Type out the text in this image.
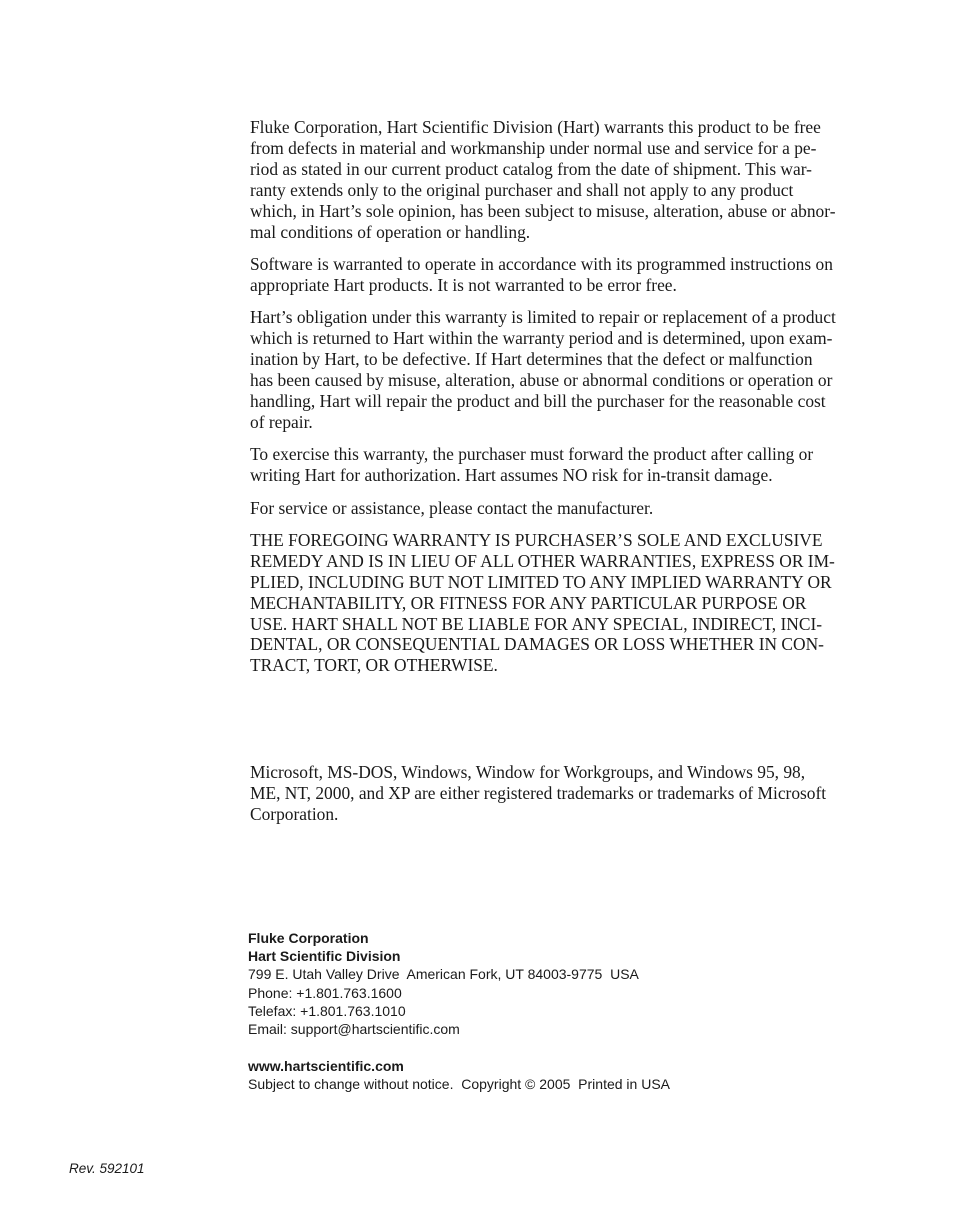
Fluke Corporation, Hart Scientific Division (Hart) warrants this product to be free
from defects in material and workmanship under normal use and service for a pe-
riod as stated in our current product catalog from the date of shipment. This war-
ranty extends only to the original purchaser and shall not apply to any product
which, in Hart’s sole opinion, has been subject to misuse, alteration, abuse or abnor-
mal conditions of operation or handling.

Software is warranted to operate in accordance with its programmed instructions on
appropriate Hart products. It is not warranted to be error free.

Hart’s obligation under this warranty is limited to repair or replacement of a product
which is returned to Hart within the warranty period and is determined, upon exam-
ination by Hart, to be defective. If Hart determines that the defect or malfunction
has been caused by misuse, alteration, abuse or abnormal conditions or operation or
handling, Hart will repair the product and bill the purchaser for the reasonable cost
of repair.

To exercise this warranty, the purchaser must forward the product after calling or
writing Hart for authorization. Hart assumes NO risk for in-transit damage.

For service or assistance, please contact the manufacturer.

THE FOREGOING WARRANTY IS PURCHASER’S SOLE AND EXCLUSIVE
REMEDY AND IS IN LIEU OF ALL OTHER WARRANTIES, EXPRESS OR IM-
PLIED, INCLUDING BUT NOT LIMITED TO ANY IMPLIED WARRANTY OR
MECHANTABILITY, OR FITNESS FOR ANY PARTICULAR PURPOSE OR
USE. HART SHALL NOT BE LIABLE FOR ANY SPECIAL, INDIRECT, INCI-
DENTAL, OR CONSEQUENTIAL DAMAGES OR LOSS WHETHER IN CON-
TRACT, TORT, OR OTHERWISE.

Microsoft, MS-DOS, Windows, Window for Workgroups, and Windows 95, 98,
ME, NT, 2000, and XP are either registered trademarks or trademarks of Microsoft
Corporation.
Fluke Corporation
Hart Scientific Division
799 E. Utah Valley Drive  American Fork, UT 84003-9775  USA
Phone: +1.801.763.1600
Telefax: +1.801.763.1010
Email: support@hartscientific.com
www.hartscientific.com
Subject to change without notice.  Copyright © 2005  Printed in USA
Rev. 592101
